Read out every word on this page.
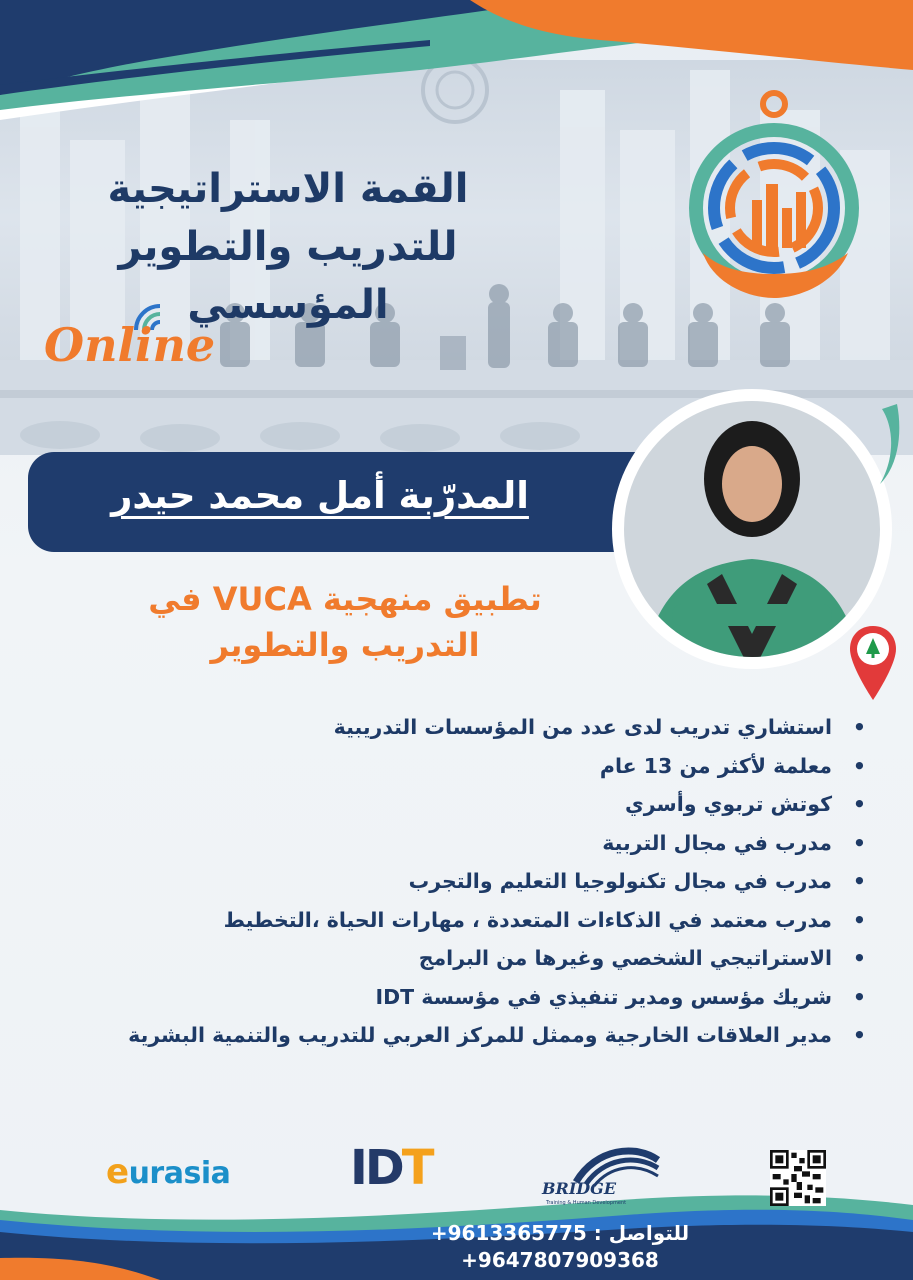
القمة الاستراتيجية
للتدريب والتطوير المؤسسي
Online
المدرّبة أمل محمد حيدر
تطبيق منهجية VUCA في
التدريب والتطوير
• استشاري تدريب لدى عدد من المؤسسات التدريبية
• معلمة لأكثر من 13 عام
• كوتش تربوي وأسري
• مدرب في مجال التربية
• مدرب في مجال تكنولوجيا التعليم والتجرب
• مدرب معتمد في الذكاءات المتعددة ، مهارات الحياة ،التخطيط
• الاستراتيجي الشخصي وغيرها من البرامج
• شريك مؤسس ومدير تنفيذي في مؤسسة IDT
• مدير العلاقات الخارجية وممثل للمركز العربي للتدريب والتنمية البشرية
eurasia IDT	BRIDGE
Training & Human Development
للتواصل : +9613365775
+9647807909368
